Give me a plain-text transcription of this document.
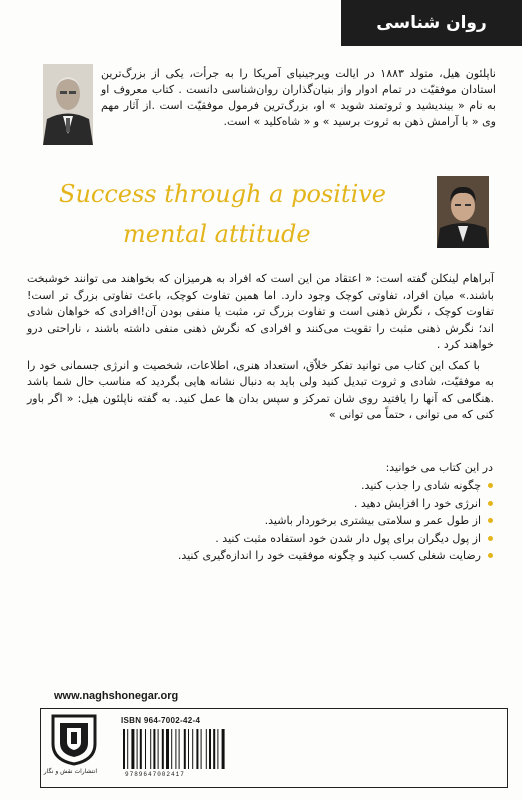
روان شناسی
ناپلئون هیل، متولد ۱۸۸۳ در ایالت ویرجینیای آمریکا را به جرأت، یکی از بزرگ‌ترین استادان موفقیّت در تمام ادوار واز بنیان‌گذاران روان‌شناسی دانست . کتاب معروف او به نام « بیندیشید و ثروتمند شوید » او، بزرگ‌ترین فرمول موفقیّت است .از آثار مهم وی « با آرامش ذهن به ثروت برسید » و « شاه‌کلید » است.
Success through a positive
mental attitude

آبراهام لینکلن گفته است: « اعتقاد من این است که افراد به هرمیزان که بخواهند می توانند خوشبخت باشند.» میان افراد، تفاوتی کوچک وجود دارد. اما همین تفاوت کوچک، باعث تفاوتی بزرگ تر است! تفاوت کوچک ، نگرش ذهنی است و تفاوت بزرگ تر، مثبت یا منفی بودن آن!افرادی که خواهان شادی اند؛ نگرش ذهنی مثبت را تقویت می‌کنند و افرادی که نگرش ذهنی منفی داشته باشند ، ناراحتی درو خواهند کرد .

با کمک این کتاب می توانید تفکر خلاّق، استعداد هنری، اطلاعات، شخصیت و انرژی جسمانی خود را به موفقیّت، شادی و ثروت تبدیل کنید ولی باید به دنبال نشانه هایی بگردید که مناسب حال شما باشد .هنگامی که آنها را یافتید روی شان تمرکز و سپس بدان ها عمل کنید. به گفته ناپلئون هیل: « اگر باور کنی که می توانی ، حتماً می توانی »

در این کتاب می خوانید:
چگونه شادی را جذب کنید.
انرژی خود را افزایش دهید .
از طول عمر و سلامتی بیشتری برخوردار باشید.
از پول دیگران برای پول دار شدن خود استفاده مثبت کنید .
رضایت شغلی کسب کنید و چگونه موفقیت خود را اندازه‌گیری کنید.
www.naghshonegar.org
انتشارات نقش و نگار
ISBN 964-7002-42-4
9789647002417
